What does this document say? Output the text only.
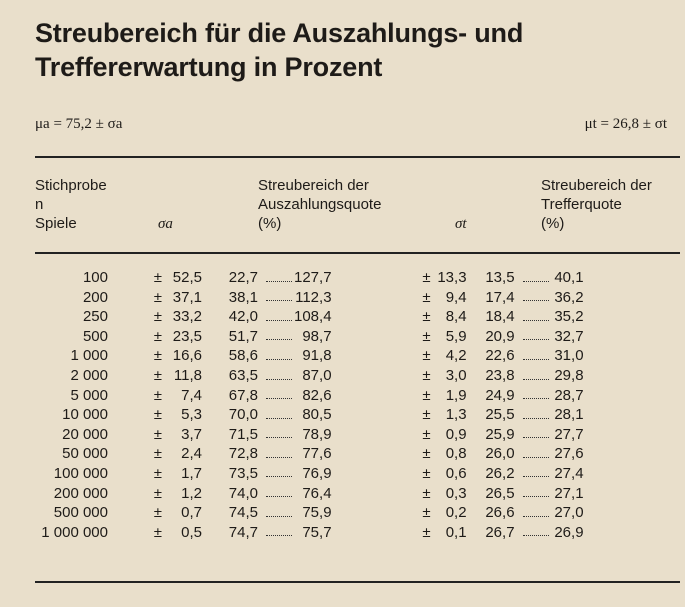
Streubereich für die Auszahlungs- und
Treffererwartung in Prozent
μa = 75,2 ± σa	μt = 26,8 ± σt
Stichprobe
n
Spiele	σa
Streubereich der
Auszahlungsquote
(%)	σt
Streubereich der
Trefferquote
(%)
100	±	52,5	22,7		127,7	±	13,3	13,5		40,1
200	±	37,1	38,1		112,3	±	9,4	17,4		36,2
250	±	33,2	42,0		108,4	±	8,4	18,4		35,2
500	±	23,5	51,7		98,7	±	5,9	20,9		32,7
1 000	±	16,6	58,6		91,8	±	4,2	22,6		31,0
2 000	±	11,8	63,5		87,0	±	3,0	23,8		29,8
5 000	±	7,4	67,8		82,6	±	1,9	24,9		28,7
10 000	±	5,3	70,0		80,5	±	1,3	25,5		28,1
20 000	±	3,7	71,5		78,9	±	0,9	25,9		27,7
50 000	±	2,4	72,8		77,6	±	0,8	26,0		27,6
100 000	±	1,7	73,5		76,9	±	0,6	26,2		27,4
200 000	±	1,2	74,0		76,4	±	0,3	26,5		27,1
500 000	±	0,7	74,5		75,9	±	0,2	26,6		27,0
1 000 000	±	0,5	74,7		75,7	±	0,1	26,7		26,9
